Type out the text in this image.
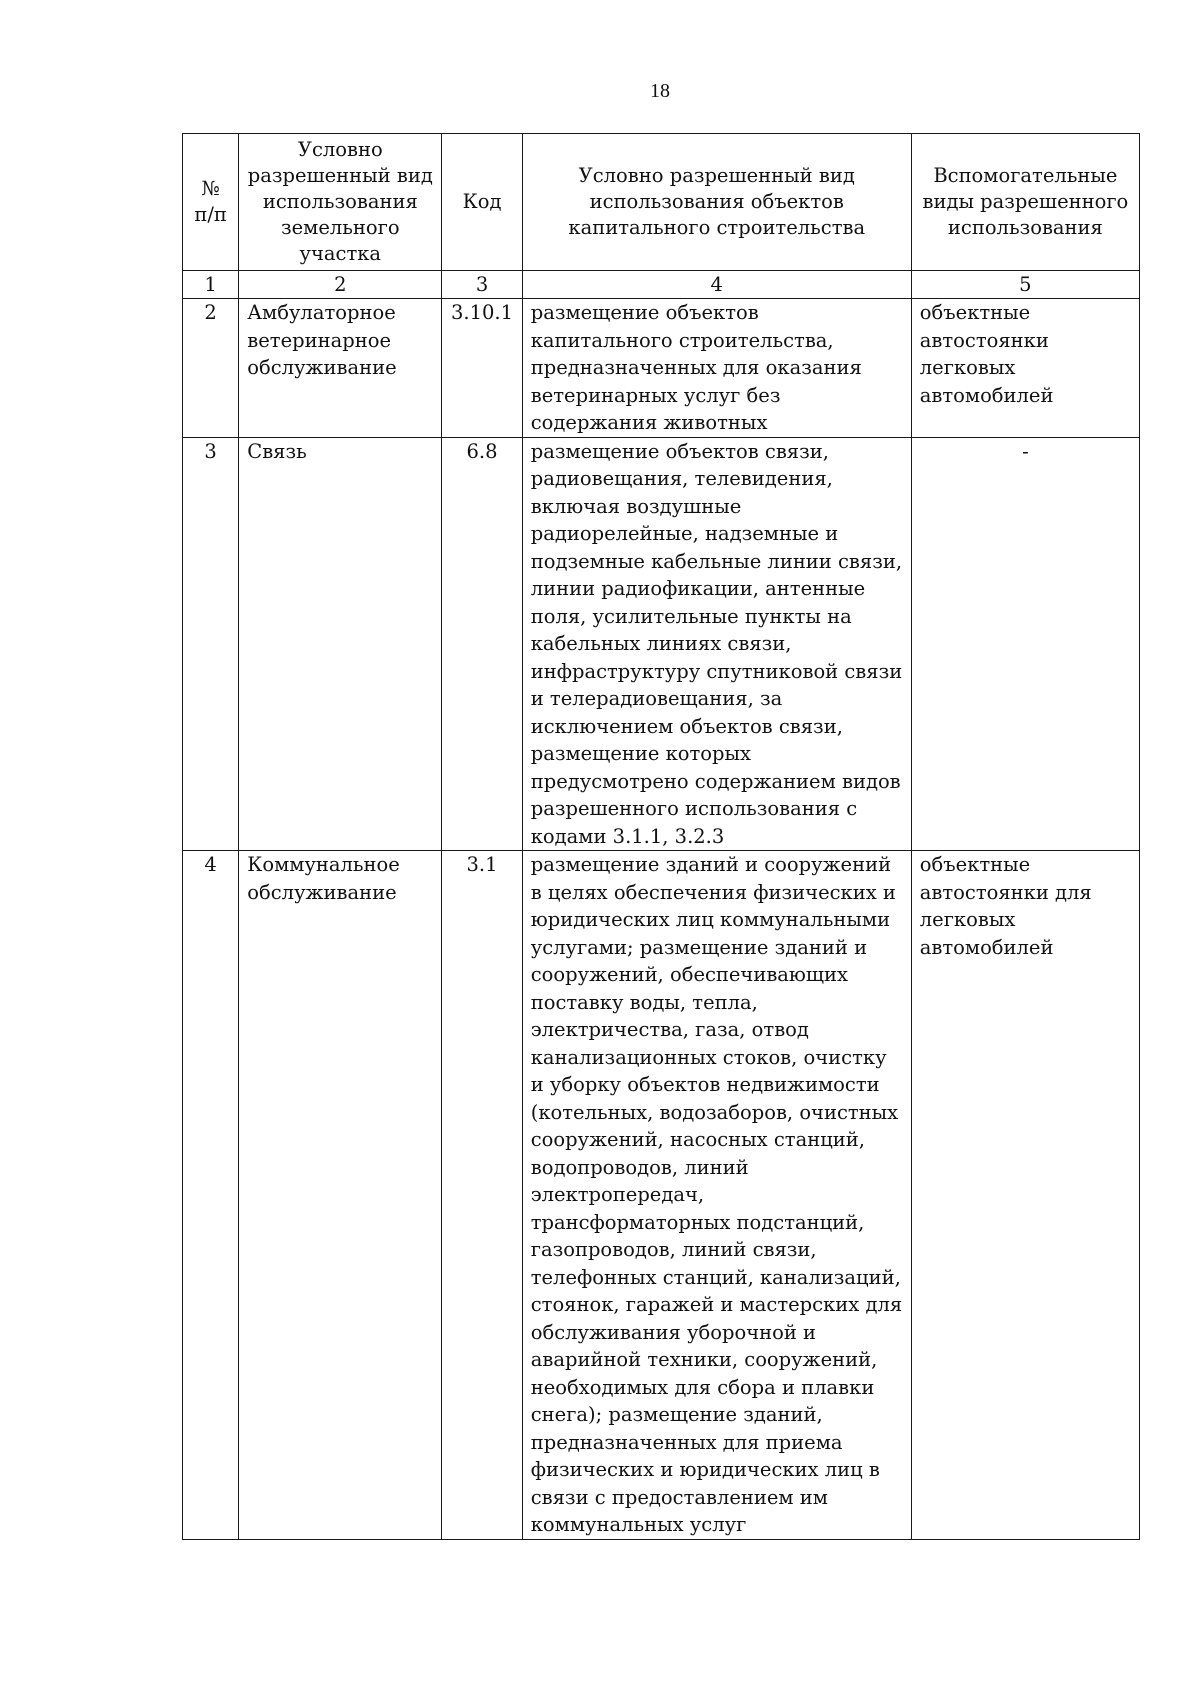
18
№ п/п	Условно разрешенный вид использования земельного участка	Код	Условно разрешенный вид использования объектов капитального строительства	Вспомогательные виды разрешенного использования
1	2	3	4	5
2	Амбулаторное ветеринарное обслуживание	3.10.1	размещение объектов капитального строительства, предназначенных для оказания ветеринарных услуг без содержания животных	объектные автостоянки легковых автомобилей
3	Связь	6.8	размещение объектов связи, радиовещания, телевидения, включая воздушные радиорелейные, надземные и подземные кабельные линии связи, линии радиофикации, антенные поля, усилительные пункты на кабельных линиях связи, инфраструктуру спутниковой связи и телерадиовещания, за исключением объектов связи, размещение которых предусмотрено содержанием видов разрешенного использования с кодами 3.1.1, 3.2.3	-
4	Коммунальное обслуживание	3.1	размещение зданий и сооружений в целях обеспечения физических и юридических лиц коммунальными услугами; размещение зданий и сооружений, обеспечивающих поставку воды, тепла, электричества, газа, отвод канализационных стоков, очистку и уборку объектов недвижимости (котельных, водозаборов, очистных сооружений, насосных станций, водопроводов, линий электропередач, трансформаторных подстанций, газопроводов, линий связи, телефонных станций, канализаций, стоянок, гаражей и мастерских для обслуживания уборочной и аварийной техники, сооружений, необходимых для сбора и плавки снега); размещение зданий, предназначенных для приема физических и юридических лиц в связи с предоставлением им коммунальных услуг	объектные автостоянки для легковых автомобилей
